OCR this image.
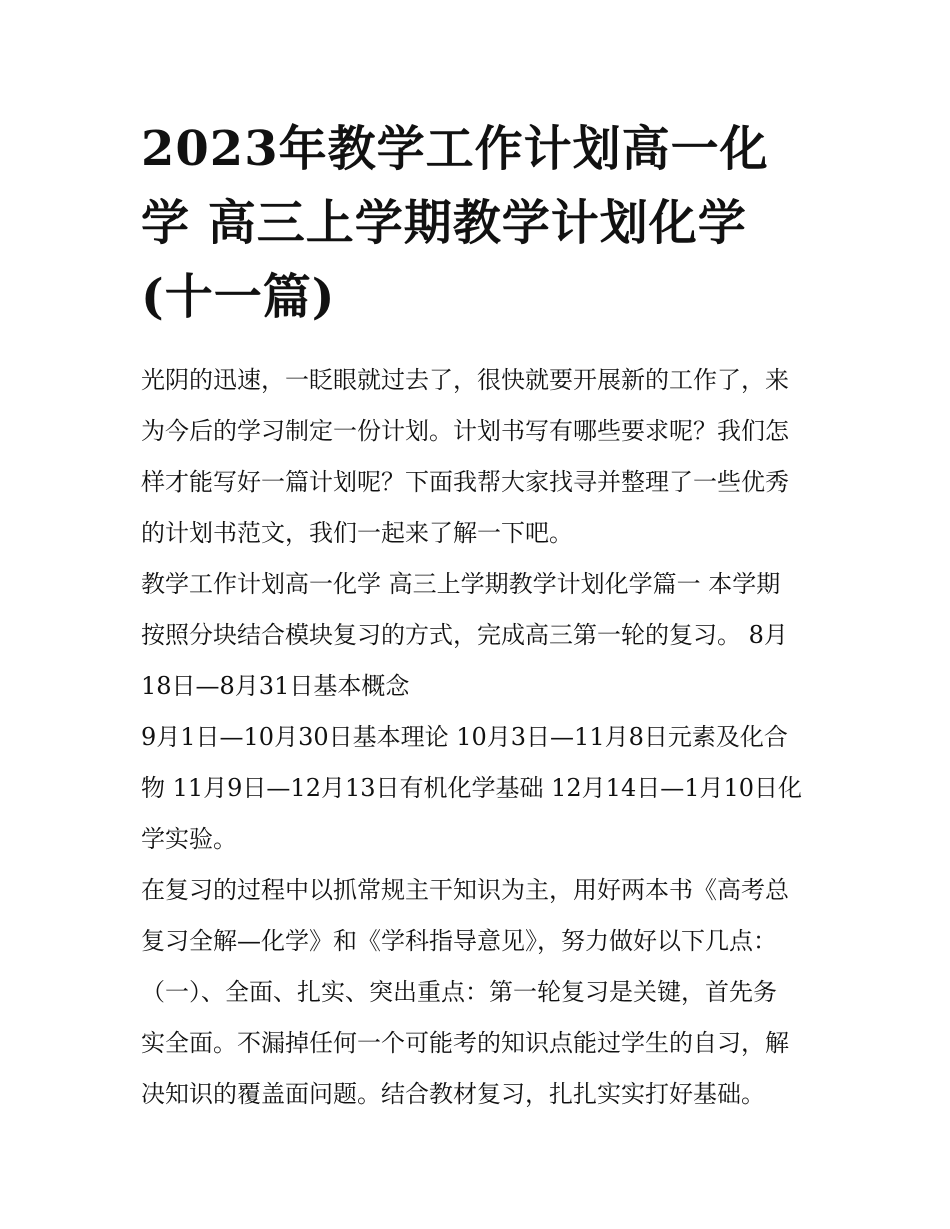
2023年教学工作计划高一化学 高三上学期教学计划化学(十一篇)
光阴的迅速，一眨眼就过去了，很快就要开展新的工作了，来
为今后的学习制定一份计划。计划书写有哪些要求呢？我们怎
样才能写好一篇计划呢？下面我帮大家找寻并整理了一些优秀
的计划书范文，我们一起来了解一下吧。
教学工作计划高一化学 高三上学期教学计划化学篇一 本学期
按照分块结合模块复习的方式，完成高三第一轮的复习。 8月
18日—8月31日基本概念
9月1日—10月30日基本理论 10月3日—11月8日元素及化合
物 11月9日—12月13日有机化学基础 12月14日—1月10日化
学实验。
在复习的过程中以抓常规主干知识为主，用好两本书《高考总
复习全解—化学》和《学科指导意见》，努力做好以下几点：
（一）、全面、扎实、突出重点：第一轮复习是关键，首先务
实全面。不漏掉任何一个可能考的知识点能过学生的自习，解
决知识的覆盖面问题。结合教材复习，扎扎实实打好基础。
